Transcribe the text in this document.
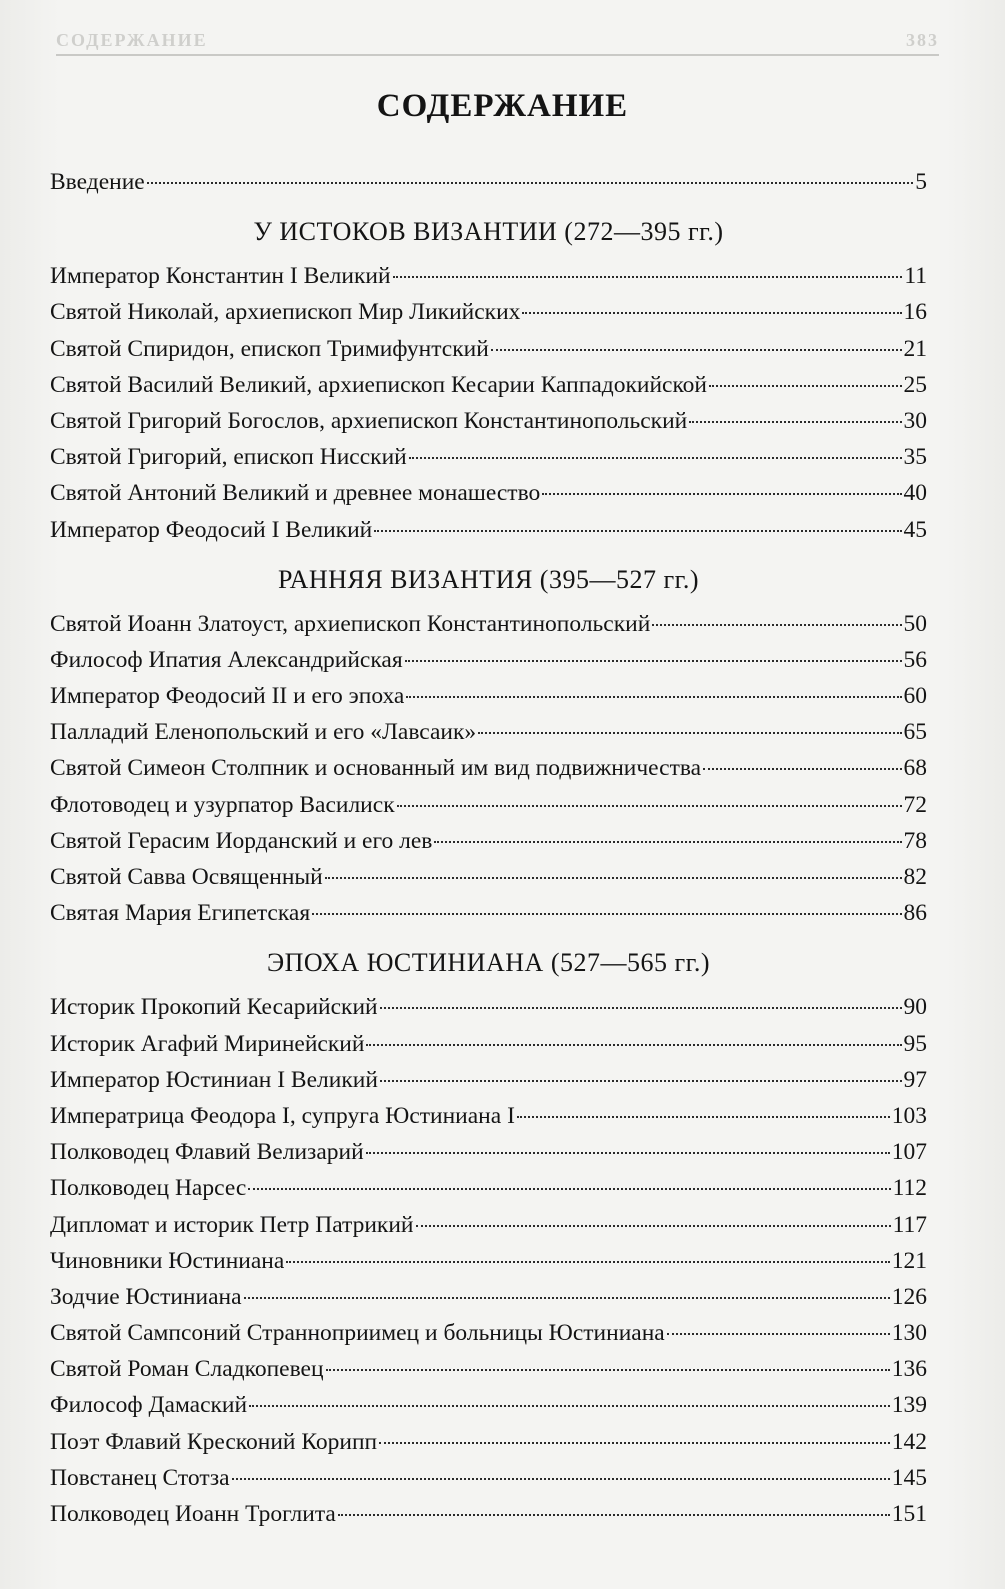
СОДЕРЖАНИЕ	383
СОДЕРЖАНИЕ
Введение	5
У ИСТОКОВ ВИЗАНТИИ (272—395 гг.)
Император Константин I Великий	11
Святой Николай, архиепископ Мир Ликийских	16
Святой Спиридон, епископ Тримифунтский	21
Святой Василий Великий, архиепископ Кесарии Каппадокийской	25
Святой Григорий Богослов, архиепископ Константинопольский	30
Святой Григорий, епископ Нисский	35
Святой Антоний Великий и древнее монашество	40
Император Феодосий I Великий	45
РАННЯЯ ВИЗАНТИЯ (395—527 гг.)
Святой Иоанн Златоуст, архиепископ Константинопольский	50
Философ Ипатия Александрийская	56
Император Феодосий II и его эпоха	60
Палладий Еленопольский и его «Лавсаик»	65
Святой Симеон Столпник и основанный им вид подвижничества	68
Флотоводец и узурпатор Василиск	72
Святой Герасим Иорданский и его лев	78
Святой Савва Освященный	82
Святая Мария Египетская	86
ЭПОХА ЮСТИНИАНА (527—565 гг.)
Историк Прокопий Кесарийский	90
Историк Агафий Миринейский	95
Император Юстиниан I Великий	97
Императрица Феодора I, супруга Юстиниана I	103
Полководец Флавий Велизарий	107
Полководец Нарсес	112
Дипломат и историк Петр Патрикий	117
Чиновники Юстиниана	121
Зодчие Юстиниана	126
Святой Сампсоний Странноприимец и больницы Юстиниана	130
Святой Роман Сладкопевец	136
Философ Дамаский	139
Поэт Флавий Кресконий Корипп	142
Повстанец Стотза	145
Полководец Иоанн Троглита	151
